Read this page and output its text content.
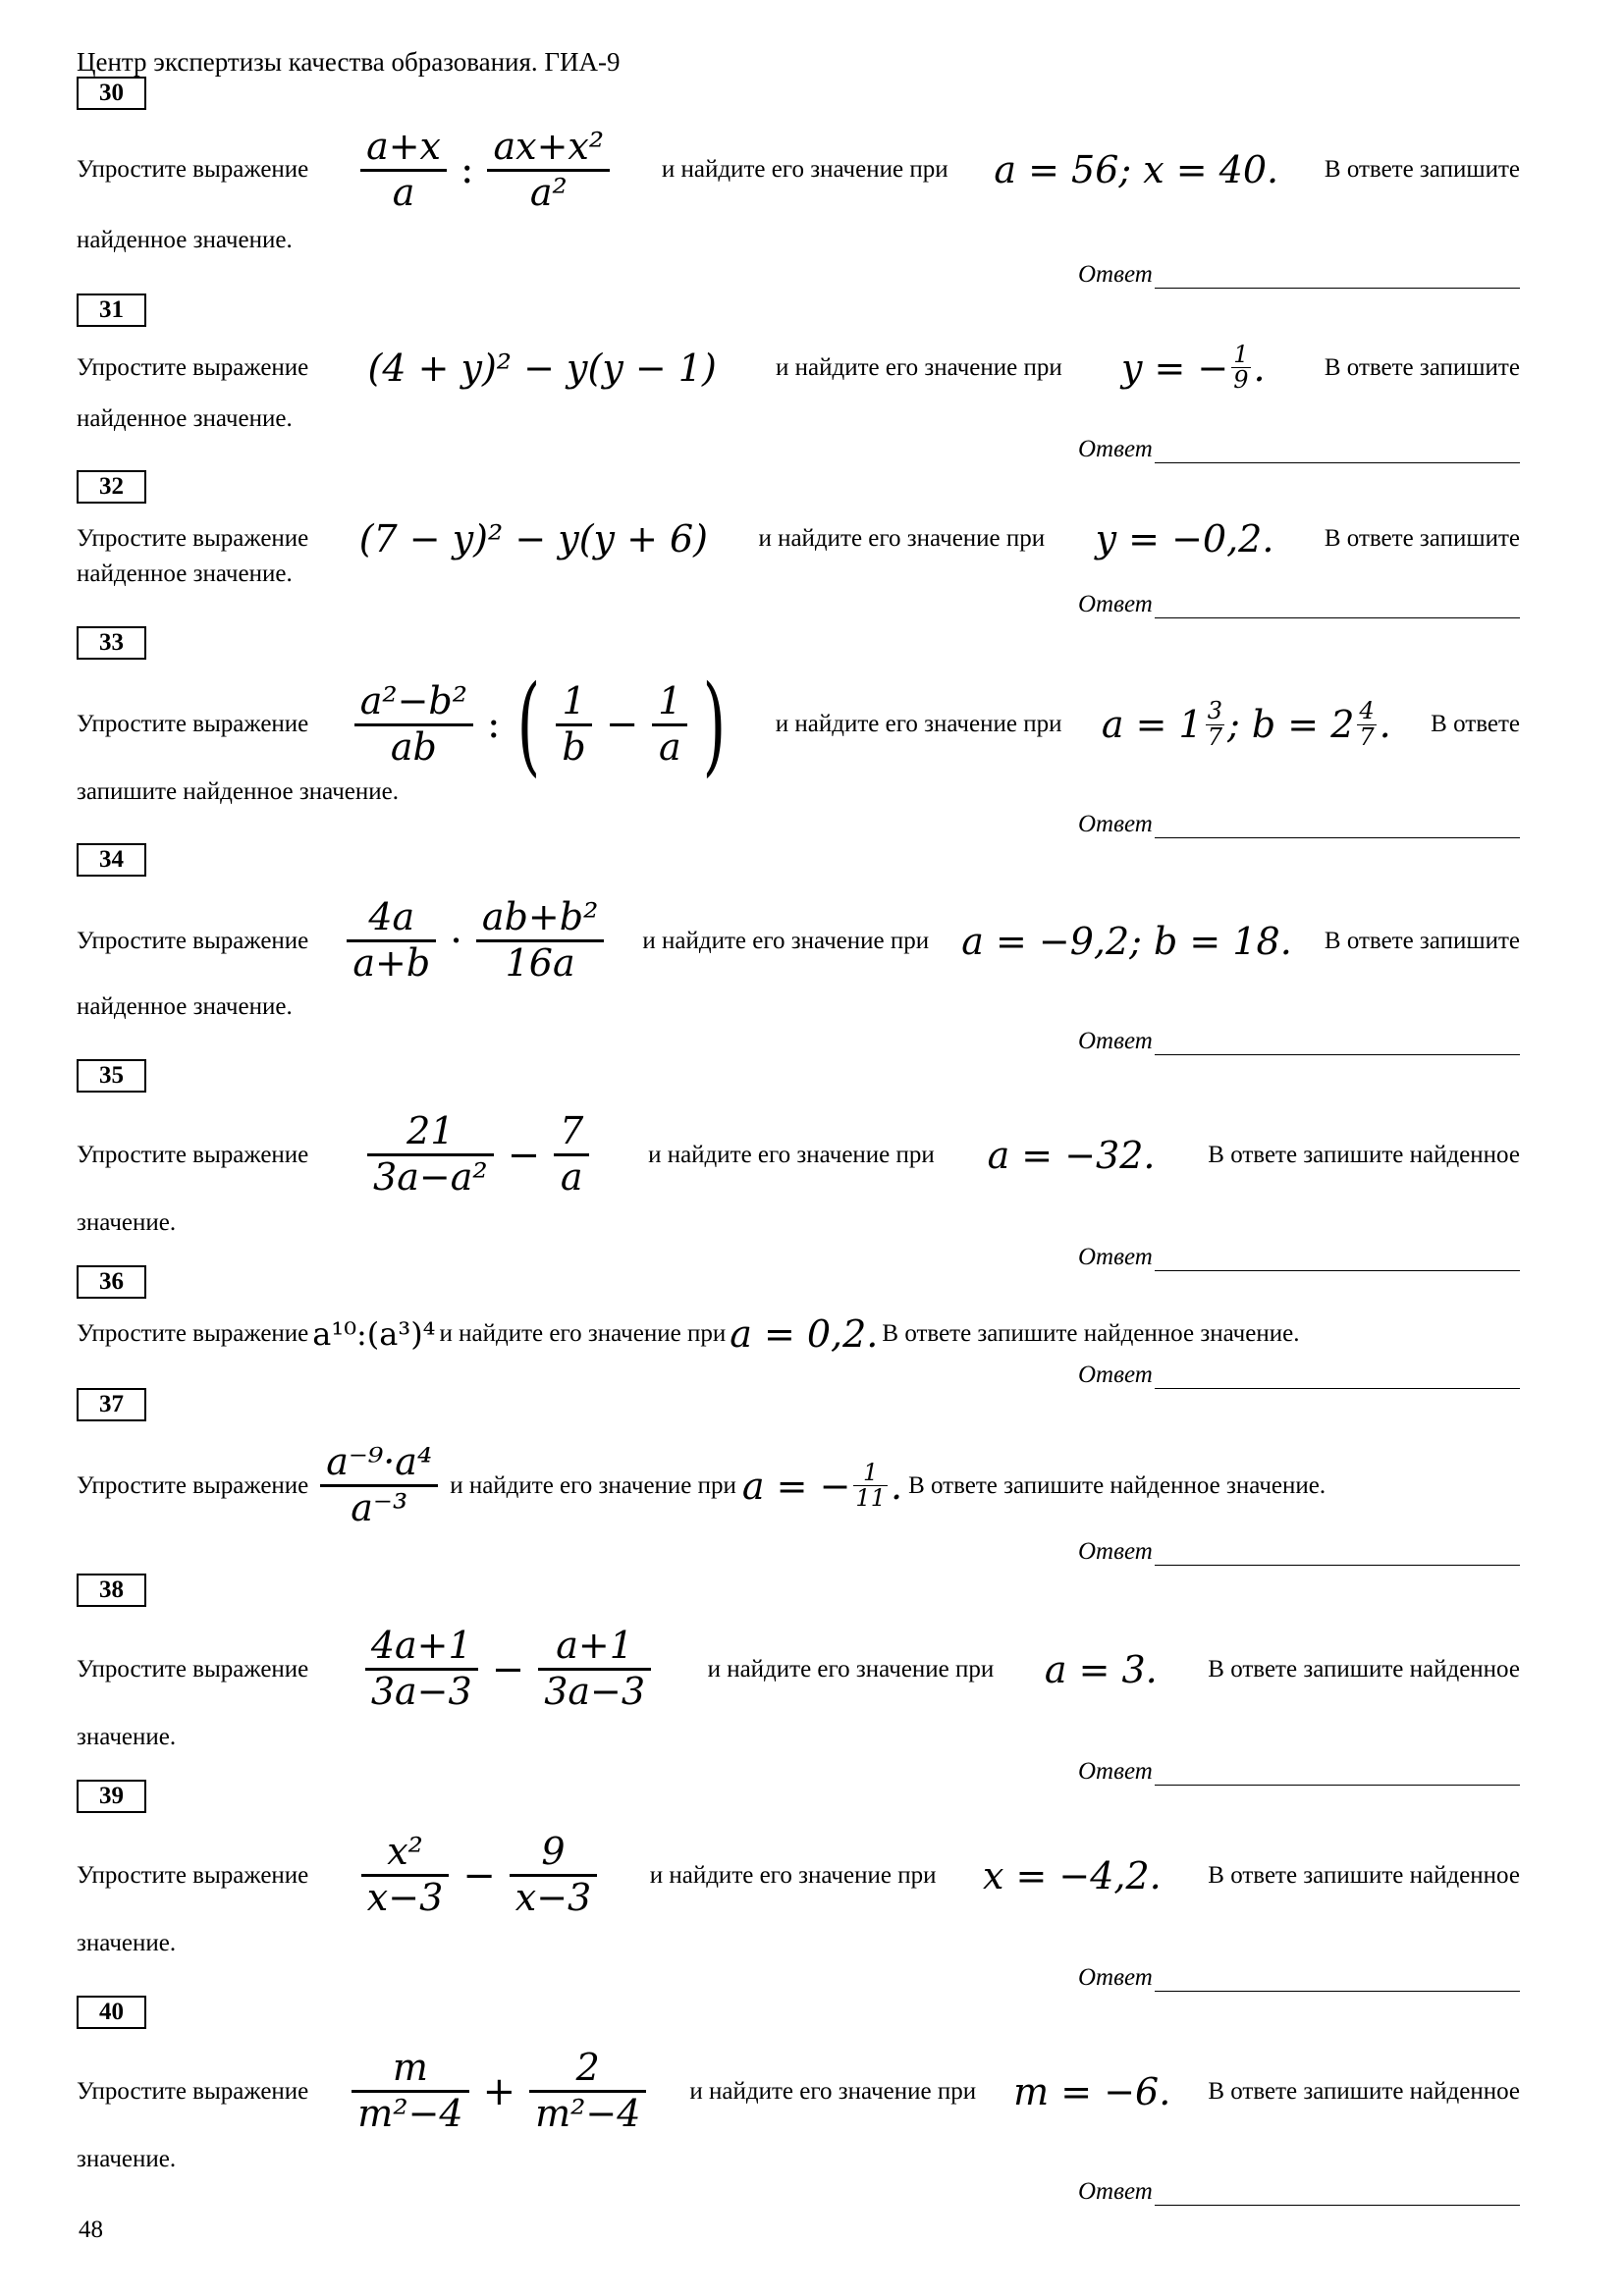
Центр экспертизы качества образования. ГИА-9
30
Упростите выражение
a+x
a :
ax+x²
a²
и найдите его значение при a = 56; x = 40. В ответе запишите
найденное значение.
Ответ
31
Упростите выражение (4 + y)² − y(y − 1) и найдите его значение при y = − 1
9 . В ответе запишите
найденное значение.
Ответ
32
Упростите выражение (7 − y)² − y(y + 6) и найдите его значение при y = −0,2. В ответе запишите
найденное значение.
Ответ
33
Упростите выражение
a²−b²
ab : ( 1
b −
1
a ) и найдите его значение при a = 1 3
7 ; b = 2 4
7 . В ответе
запишите найденное значение.
Ответ
34
Упростите выражение
4a
a+b ·
ab+b²
16a
и найдите его значение при a = −9,2; b = 18. В ответе запишите
найденное значение.
Ответ
35
Упростите выражение
21
3a−a² −
7
a
и найдите его значение при a = −32. В ответе запишите найденное
значение.
Ответ
36
Упростите выражение a¹⁰:(a³)⁴ и найдите его значение при a = 0,2. В ответе запишите найденное значение.
Ответ
37
Упростите выражение
a⁻⁹·a⁴
a⁻³
и найдите его значение при a = − 1
11 . В ответе запишите найденное значение.
Ответ
38
Упростите выражение
4a+1
3a−3 −
a+1
3a−3
и найдите его значение при a = 3. В ответе запишите найденное
значение.
Ответ
39
Упростите выражение
x²
x−3 −
9
x−3
и найдите его значение при x = −4,2. В ответе запишите найденное
значение.
Ответ
40
Упростите выражение
m
m²−4 +
2
m²−4
и найдите его значение при m = −6. В ответе запишите найденное
значение.
Ответ
48
